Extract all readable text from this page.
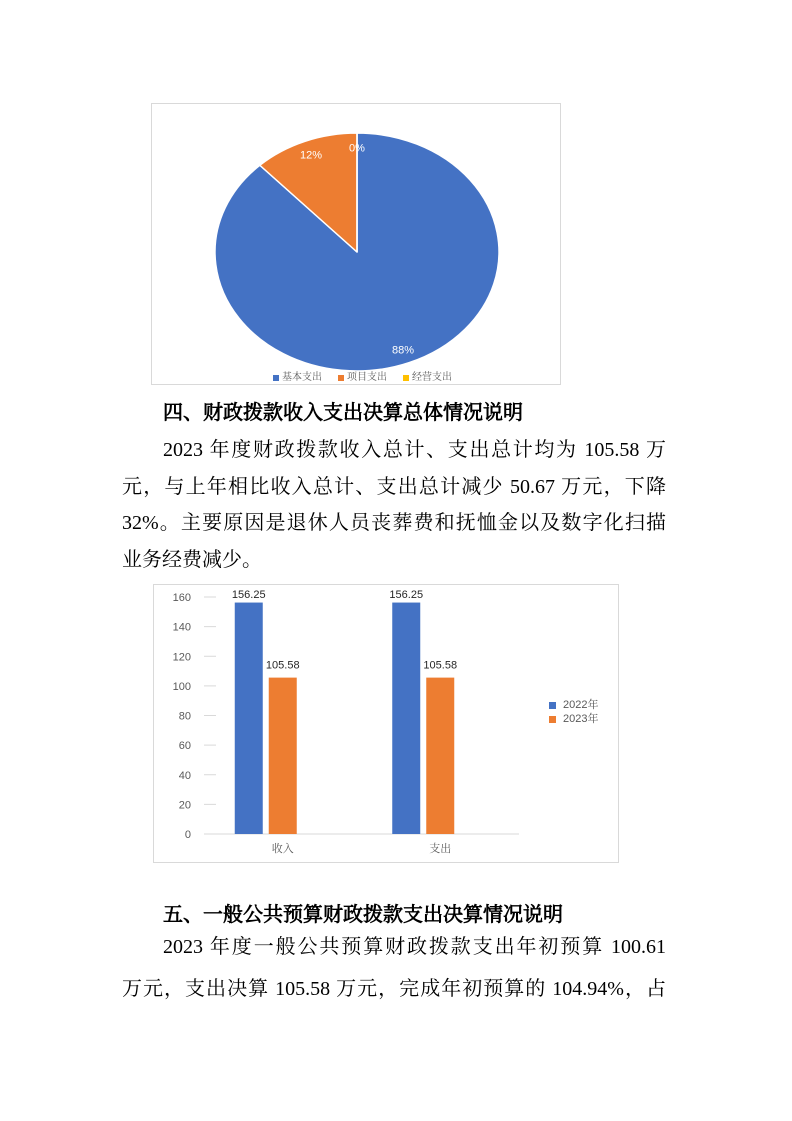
88%
12%
0%
基本支出	项目支出	经营支出
四、财政拨款收入支出决算总体情况说明
2023 年度财政拨款收入总计、支出总计均为 105.58 万
元，与上年相比收入总计、支出总计减少 50.67 万元，下降
32%。主要原因是退休人员丧葬费和抚恤金以及数字化扫描
业务经费减少。
0
20
40
60
80
100
120
140
160	156.25
105.58
收入
156.25
105.58
支出
2022年
2023年
五、一般公共预算财政拨款支出决算情况说明
2023 年度一般公共预算财政拨款支出年初预算 100.61
万元，支出决算 105.58 万元，完成年初预算的 104.94%，占
